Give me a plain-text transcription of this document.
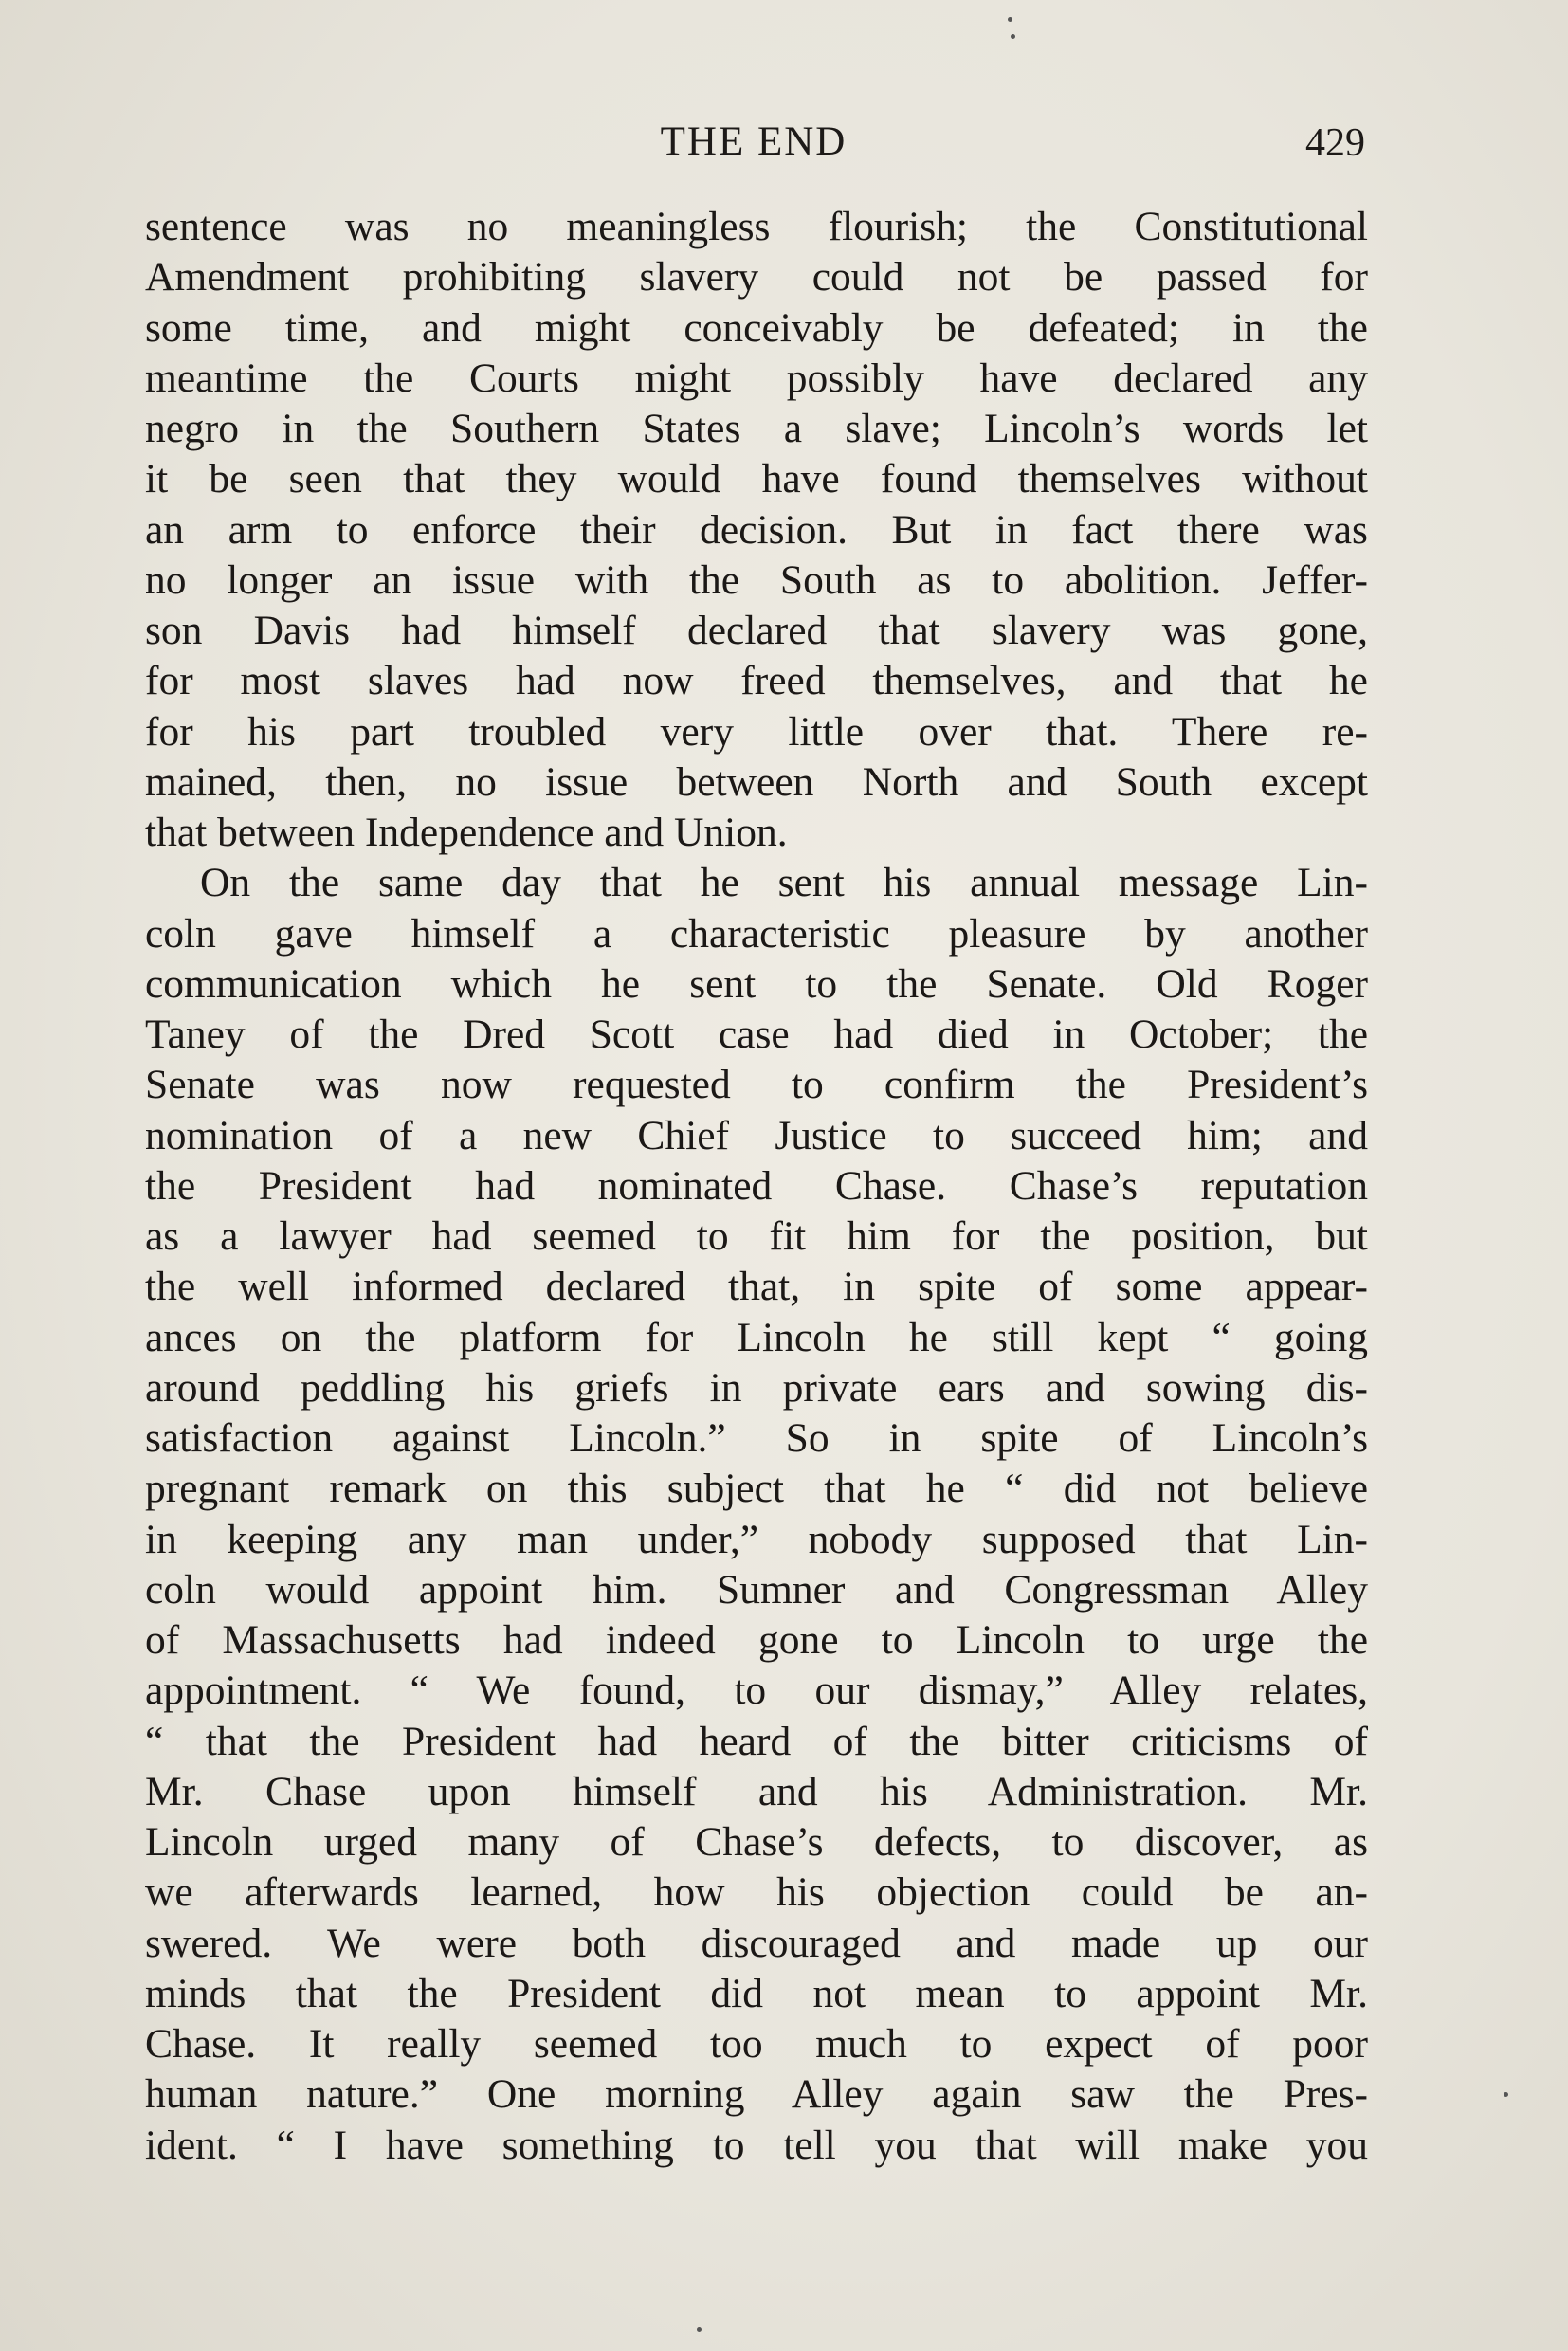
THE END	429
sentence was no meaningless flourish; the Constitutional
Amendment prohibiting slavery could not be passed for
some time, and might conceivably be defeated; in the
meantime the Courts might possibly have declared any
negro in the Southern States a slave; Lincoln’s words let
it be seen that they would have found themselves without
an arm to enforce their decision. But in fact there was
no longer an issue with the South as to abolition. Jeffer-
son Davis had himself declared that slavery was gone,
for most slaves had now freed themselves, and that he
for his part troubled very little over that. There re-
mained, then, no issue between North and South except
that between Independence and Union.
On the same day that he sent his annual message Lin-
coln gave himself a characteristic pleasure by another
communication which he sent to the Senate. Old Roger
Taney of the Dred Scott case had died in October; the
Senate was now requested to confirm the President’s
nomination of a new Chief Justice to succeed him; and
the President had nominated Chase. Chase’s reputation
as a lawyer had seemed to fit him for the position, but
the well informed declared that, in spite of some appear-
ances on the platform for Lincoln he still kept “ going
around peddling his griefs in private ears and sowing dis-
satisfaction against Lincoln.” So in spite of Lincoln’s
pregnant remark on this subject that he “ did not believe
in keeping any man under,” nobody supposed that Lin-
coln would appoint him. Sumner and Congressman Alley
of Massachusetts had indeed gone to Lincoln to urge the
appointment. “ We found, to our dismay,” Alley relates,
“ that the President had heard of the bitter criticisms of
Mr. Chase upon himself and his Administration. Mr.
Lincoln urged many of Chase’s defects, to discover, as
we afterwards learned, how his objection could be an-
swered. We were both discouraged and made up our
minds that the President did not mean to appoint Mr.
Chase. It really seemed too much to expect of poor
human nature.” One morning Alley again saw the Pres-
ident. “ I have something to tell you that will make you
